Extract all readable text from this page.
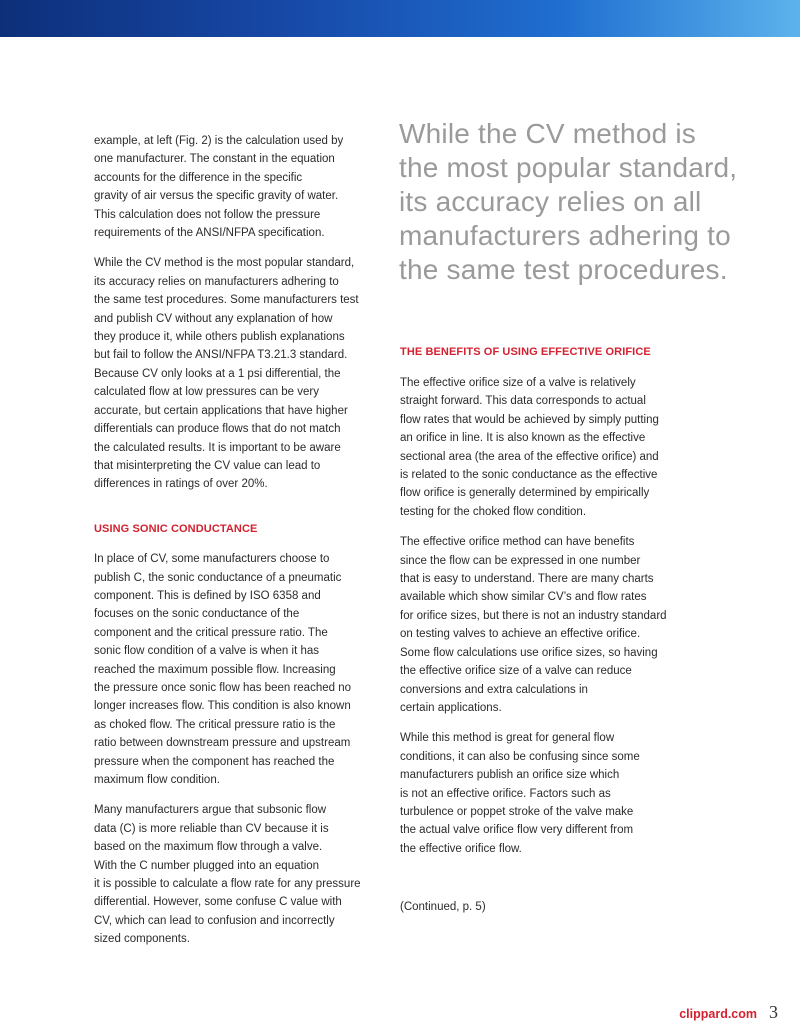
example, at left (Fig. 2) is the calculation used by
one manufacturer. The constant in the equation
accounts for the difference in the specific
gravity of air versus the specific gravity of water.
This calculation does not follow the pressure
requirements of the ANSI/NFPA specification.

While the CV method is the most popular standard,
its accuracy relies on manufacturers adhering to
the same test procedures. Some manufacturers test
and publish CV without any explanation of how
they produce it, while others publish explanations
but fail to follow the ANSI/NFPA T3.21.3 standard.
Because CV only looks at a 1 psi differential, the
calculated flow at low pressures can be very
accurate, but certain applications that have higher
differentials can produce flows that do not match
the calculated results. It is important to be aware
that misinterpreting the CV value can lead to
differences in ratings of over 20%.

USING SONIC CONDUCTANCE

In place of CV, some manufacturers choose to
publish C, the sonic conductance of a pneumatic
component. This is defined by ISO 6358 and
focuses on the sonic conductance of the
component and the critical pressure ratio. The
sonic flow condition of a valve is when it has
reached the maximum possible flow. Increasing
the pressure once sonic flow has been reached no
longer increases flow. This condition is also known
as choked flow. The critical pressure ratio is the
ratio between downstream pressure and upstream
pressure when the component has reached the
maximum flow condition.

Many manufacturers argue that subsonic flow
data (C) is more reliable than CV because it is
based on the maximum flow through a valve.
With the C number plugged into an equation
it is possible to calculate a flow rate for any pressure
differential. However, some confuse C value with
CV, which can lead to confusion and incorrectly
sized components.

While the CV method is
the most popular standard,
its accuracy relies on all
manufacturers adhering to
the same test procedures.
THE BENEFITS OF USING EFFECTIVE ORIFICE

The effective orifice size of a valve is relatively
straight forward. This data corresponds to actual
flow rates that would be achieved by simply putting
an orifice in line. It is also known as the effective
sectional area (the area of the effective orifice) and
is related to the sonic conductance as the effective
flow orifice is generally determined by empirically
testing for the choked flow condition.

The effective orifice method can have benefits
since the flow can be expressed in one number
that is easy to understand. There are many charts
available which show similar CV’s and flow rates
for orifice sizes, but there is not an industry standard
on testing valves to achieve an effective orifice.
Some flow calculations use orifice sizes, so having
the effective orifice size of a valve can reduce
conversions and extra calculations in
certain applications.

While this method is great for general flow
conditions, it can also be confusing since some
manufacturers publish an orifice size which
is not an effective orifice. Factors such as
turbulence or poppet stroke of the valve make
the actual valve orifice flow very different from
the effective orifice flow.

(Continued, p. 5)
clippard.com 3
